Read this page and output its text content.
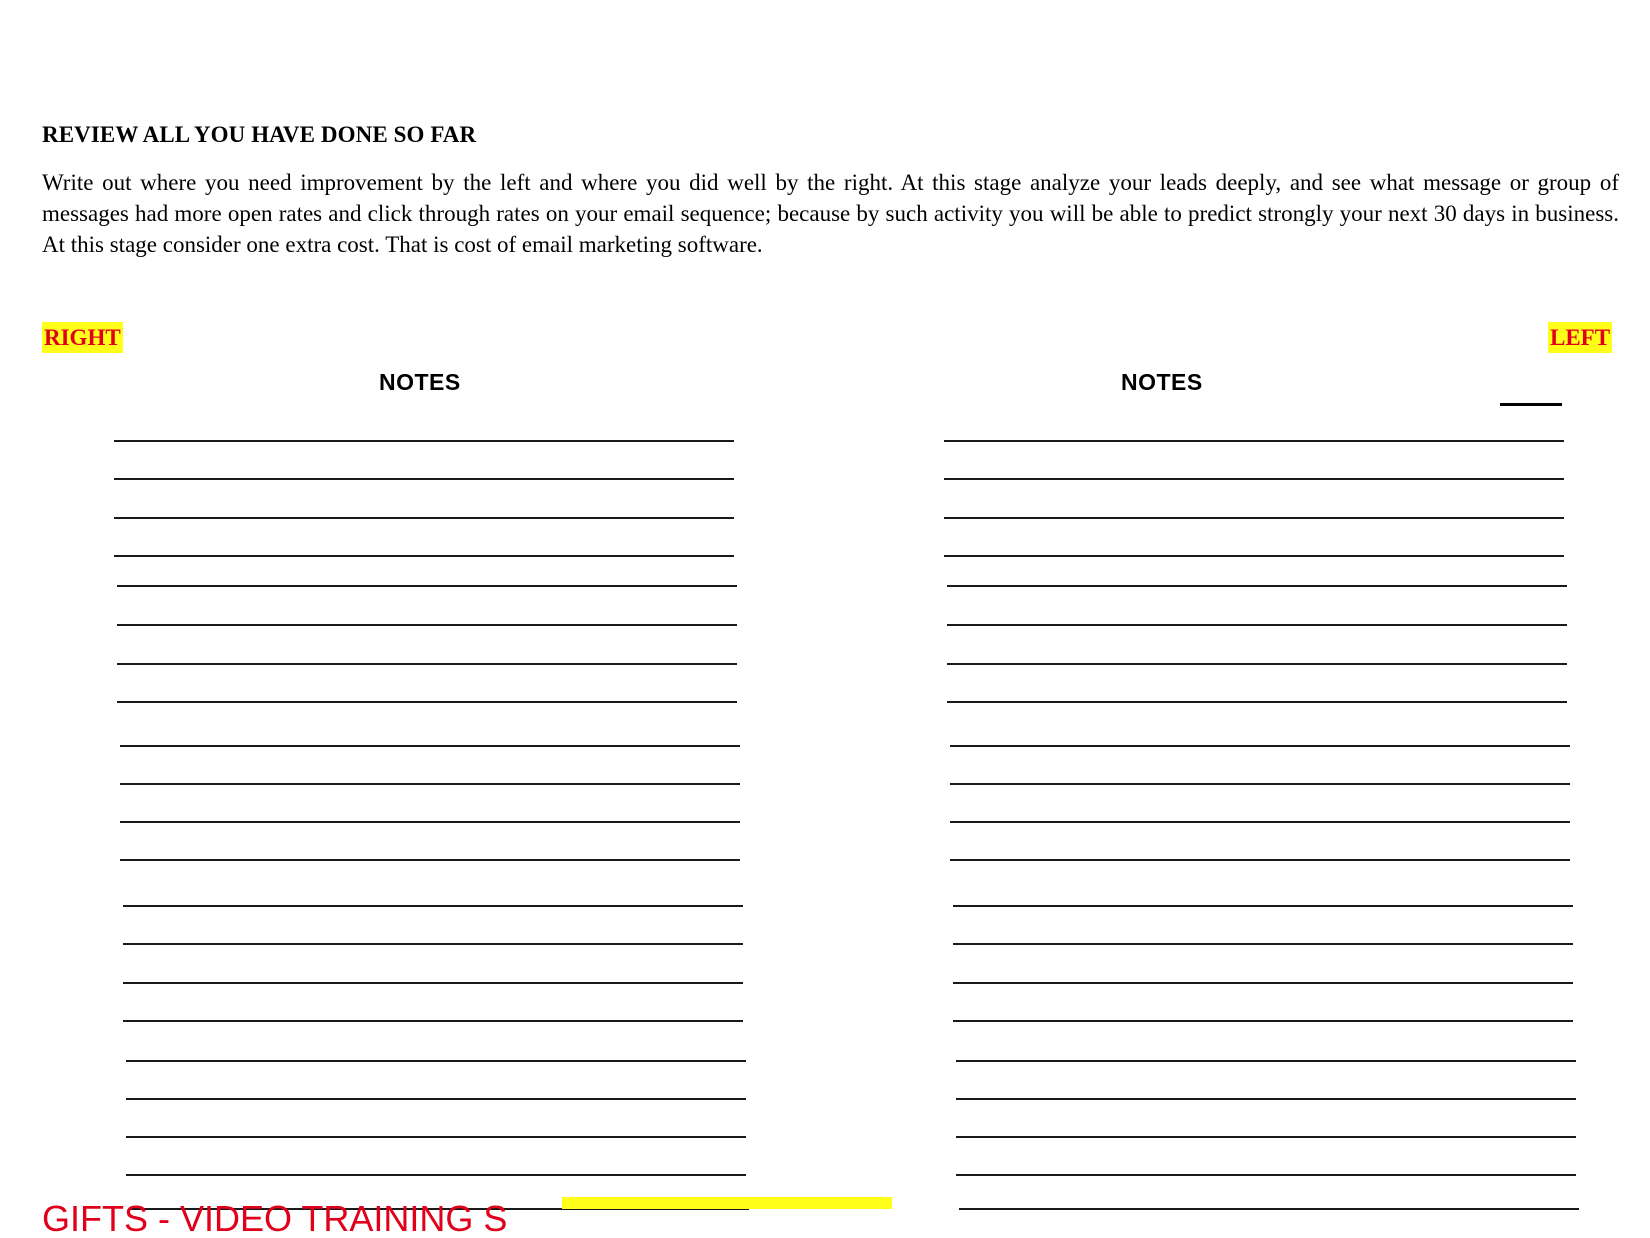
REVIEW ALL YOU HAVE DONE SO FAR
Write out where you need improvement by the left and where you did well by the right. At this stage analyze your leads deeply, and see what message or group of messages had more open rates and click through rates on your email sequence; because by such activity you will be able to predict strongly your next 30 days in business. At this stage consider one extra cost. That is cost of email marketing software.
RIGHT	LEFT
NOTES	NOTES
GIFTS - VIDEO TRAINING S
